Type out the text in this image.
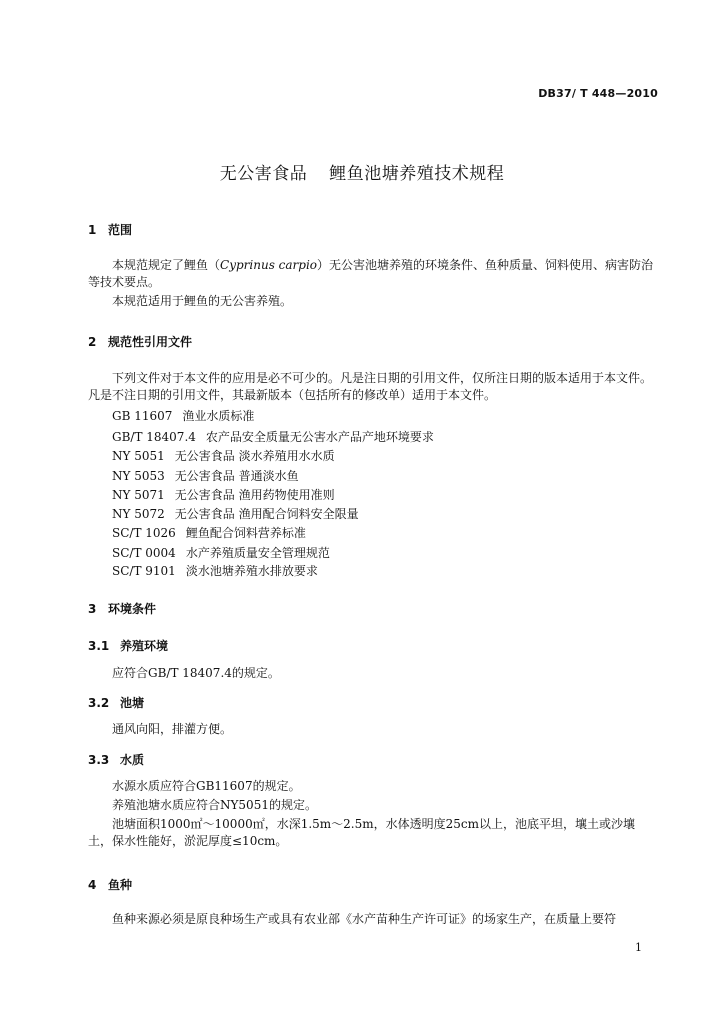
DB37/ T 448—2010
无公害食品 鲤鱼池塘养殖技术规程
1 范围
本规范规定了鲤鱼（Cyprinus carpio）无公害池塘养殖的环境条件、鱼种质量、饲料使用、病害防治等技术要点。
本规范适用于鲤鱼的无公害养殖。
2 规范性引用文件
下列文件对于本文件的应用是必不可少的。凡是注日期的引用文件，仅所注日期的版本适用于本文件。凡是不注日期的引用文件，其最新版本（包括所有的修改单）适用于本文件。
GB 11607 渔业水质标准
GB/T 18407.4 农产品安全质量无公害水产品产地环境要求
NY 5051 无公害食品 淡水养殖用水水质
NY 5053 无公害食品 普通淡水鱼
NY 5071 无公害食品 渔用药物使用准则
NY 5072 无公害食品 渔用配合饲料安全限量
SC/T 1026 鲤鱼配合饲料营养标准
SC/T 0004 水产养殖质量安全管理规范
SC/T 9101 淡水池塘养殖水排放要求
3 环境条件
3.1 养殖环境
应符合GB/T 18407.4的规定。
3.2 池塘
通风向阳，排灌方便。
3.3 水质
水源水质应符合GB11607的规定。
养殖池塘水质应符合NY5051的规定。
池塘面积1000㎡～10000㎡，水深1.5m～2.5m，水体透明度25cm以上，池底平坦，壤土或沙壤土，保水性能好，淤泥厚度≤10cm。
4 鱼种
鱼种来源必须是原良种场生产或具有农业部《水产苗种生产许可证》的场家生产，在质量上要符
1
